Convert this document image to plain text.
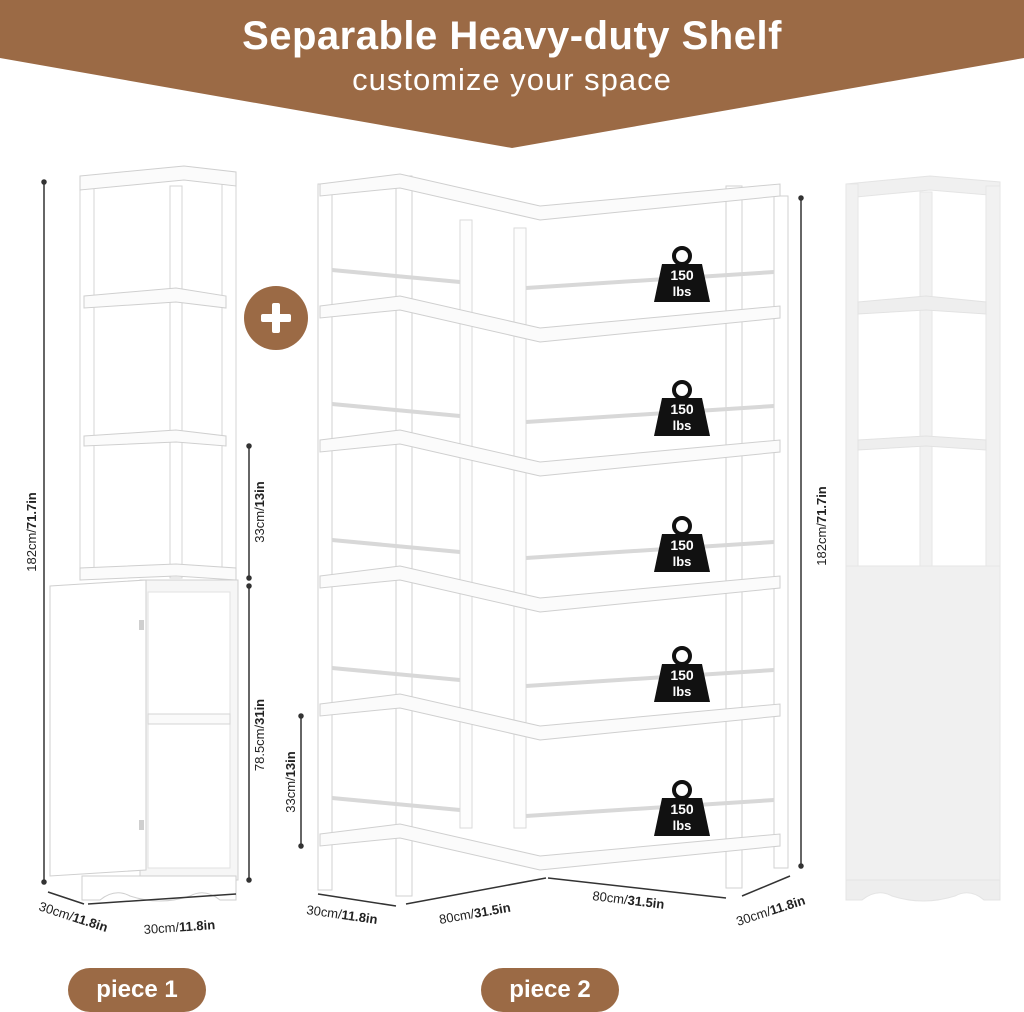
150
lbs
150
lbs
150
lbs
150
lbs
150
lbs
182cm/71.7in	33cm/13in
78.5cm/31in
30cm/11.8in	30cm/11.8in
33cm/13in
182cm/71.7in
30cm/11.8in	80cm/31.5in
80cm/31.5in
30cm/11.8in
Separable Heavy-duty Shelf
customize your space
piece 1	piece 2
